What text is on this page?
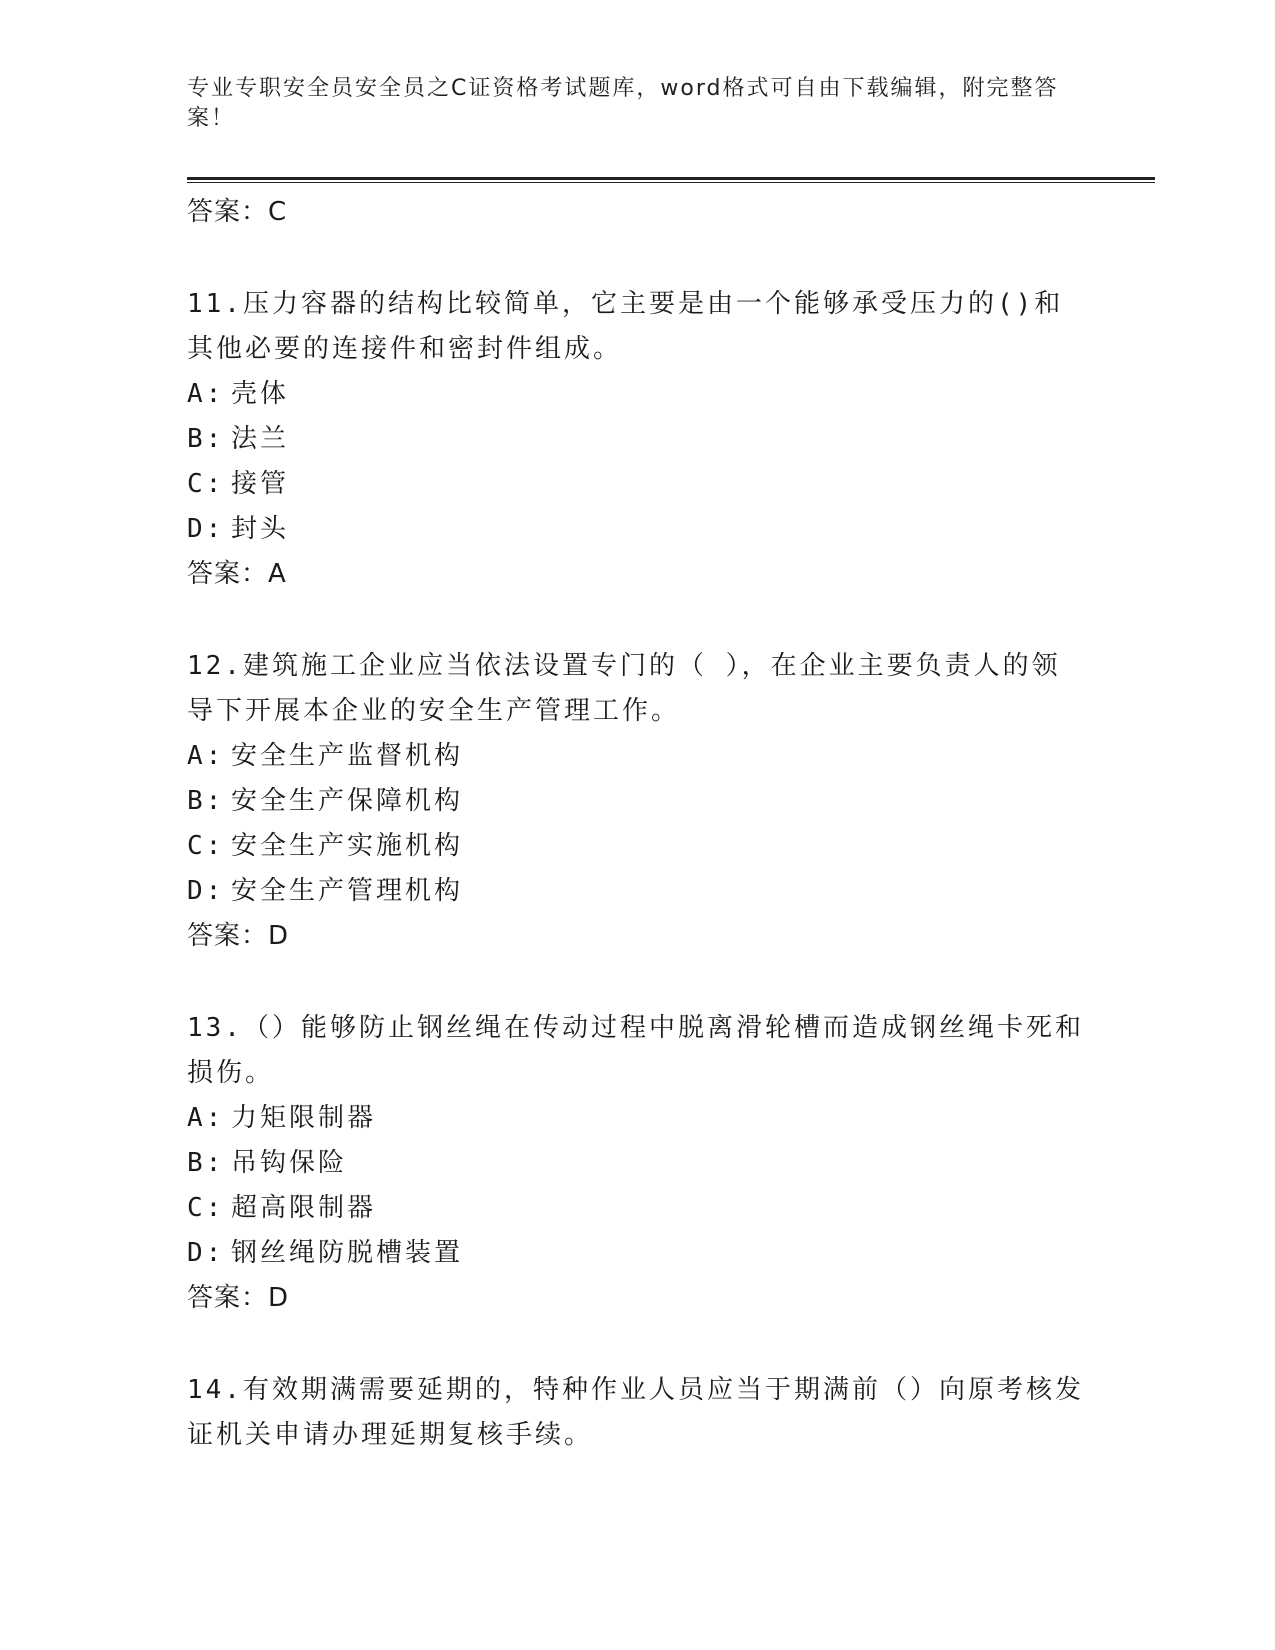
专业专职安全员安全员之C证资格考试题库，word格式可自由下载编辑，附完整答案！
答案：C
11.压力容器的结构比较简单，它主要是由一个能够承受压力的()和其他必要的连接件和密封件组成。
A: 壳体
B: 法兰
C: 接管
D: 封头
答案：A
12.建筑施工企业应当依法设置专门的（ ），在企业主要负责人的领导下开展本企业的安全生产管理工作。
A: 安全生产监督机构
B: 安全生产保障机构
C: 安全生产实施机构
D: 安全生产管理机构
答案：D
13.（）能够防止钢丝绳在传动过程中脱离滑轮槽而造成钢丝绳卡死和损伤。
A: 力矩限制器
B: 吊钩保险
C: 超高限制器
D: 钢丝绳防脱槽装置
答案：D
14.有效期满需要延期的，特种作业人员应当于期满前（）向原考核发证机关申请办理延期复核手续。
